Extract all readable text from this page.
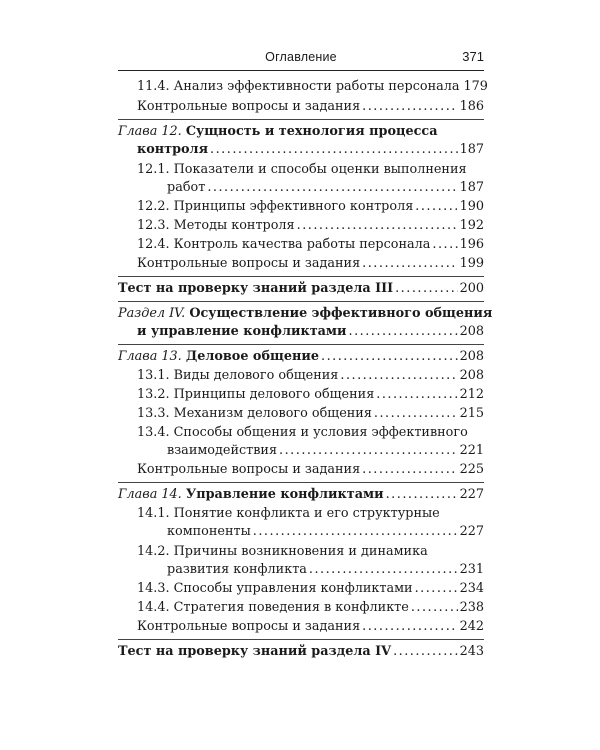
Оглавление	371
11.4. Анализ эффективности работы персонала 179
Контрольные вопросы и задания .....	186
Глава 12. Сущность и технология процесса
контроля .....	187
12.1. Показатели и способы оценки выполнения
работ .....	187
12.2. Принципы эффективного контроля .....	190
12.3. Методы контроля .....	192
12.4. Контроль качества работы персонала ..... 196
Контрольные вопросы и задания .....	199
Тест на проверку знаний раздела III .....	200
Раздел IV. Осуществление эффективного общения
и управление конфликтами .....	208
Глава 13. Деловое общение .....	208
13.1. Виды делового общения .....	208
13.2. Принципы делового общения .....	212
13.3. Механизм делового общения .....	215
13.4. Способы общения и условия эффективного
взаимодействия .....	221
Контрольные вопросы и задания .....	225
Глава 14. Управление конфликтами .....	227
14.1. Понятие конфликта и его структурные
компоненты .....	227
14.2. Причины возникновения и динамика
развития конфликта .....	231
14.3. Способы управления конфликтами .....	234
14.4. Стратегия поведения в конфликте .....	238
Контрольные вопросы и задания .....	242
Тест на проверку знаний раздела IV .....	243
